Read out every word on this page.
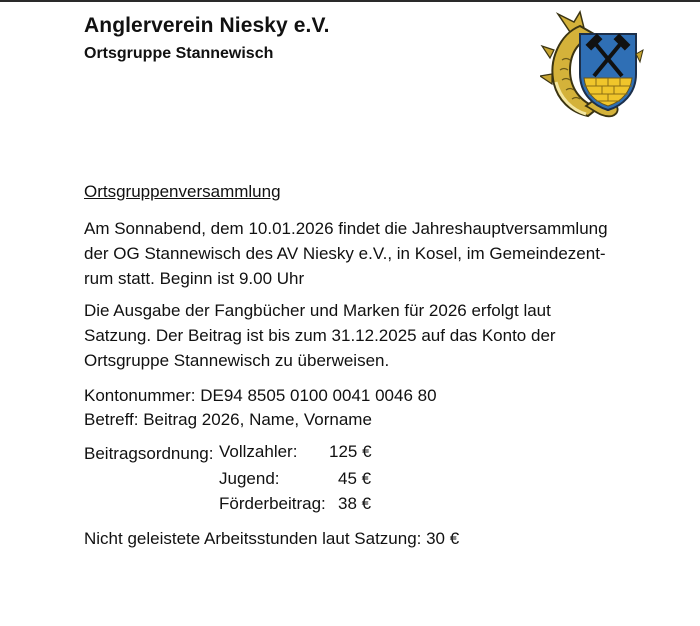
Anglerverein Niesky e.V.
Ortsgruppe Stannewisch
Ortsgruppenversammlung
Am Sonnabend, dem 10.01.2026 findet die Jahreshauptversammlung
der OG Stannewisch des AV Niesky e.V., in Kosel, im Gemeindezent-
rum statt. Beginn ist 9.00 Uhr
Die Ausgabe der Fangbücher und Marken für 2026 erfolgt laut
Satzung. Der Beitrag ist bis zum 31.12.2025 auf das Konto der
Ortsgruppe Stannewisch zu überweisen.
Kontonummer: DE94 8505 0100 0041 0046 80
Betreff: Beitrag 2026, Name, Vorname
Beitragsordnung: Vollzahler: 125 €
Jugend:	45 €
Förderbeitrag: 38 €
Nicht geleistete Arbeitsstunden laut Satzung: 30 €
